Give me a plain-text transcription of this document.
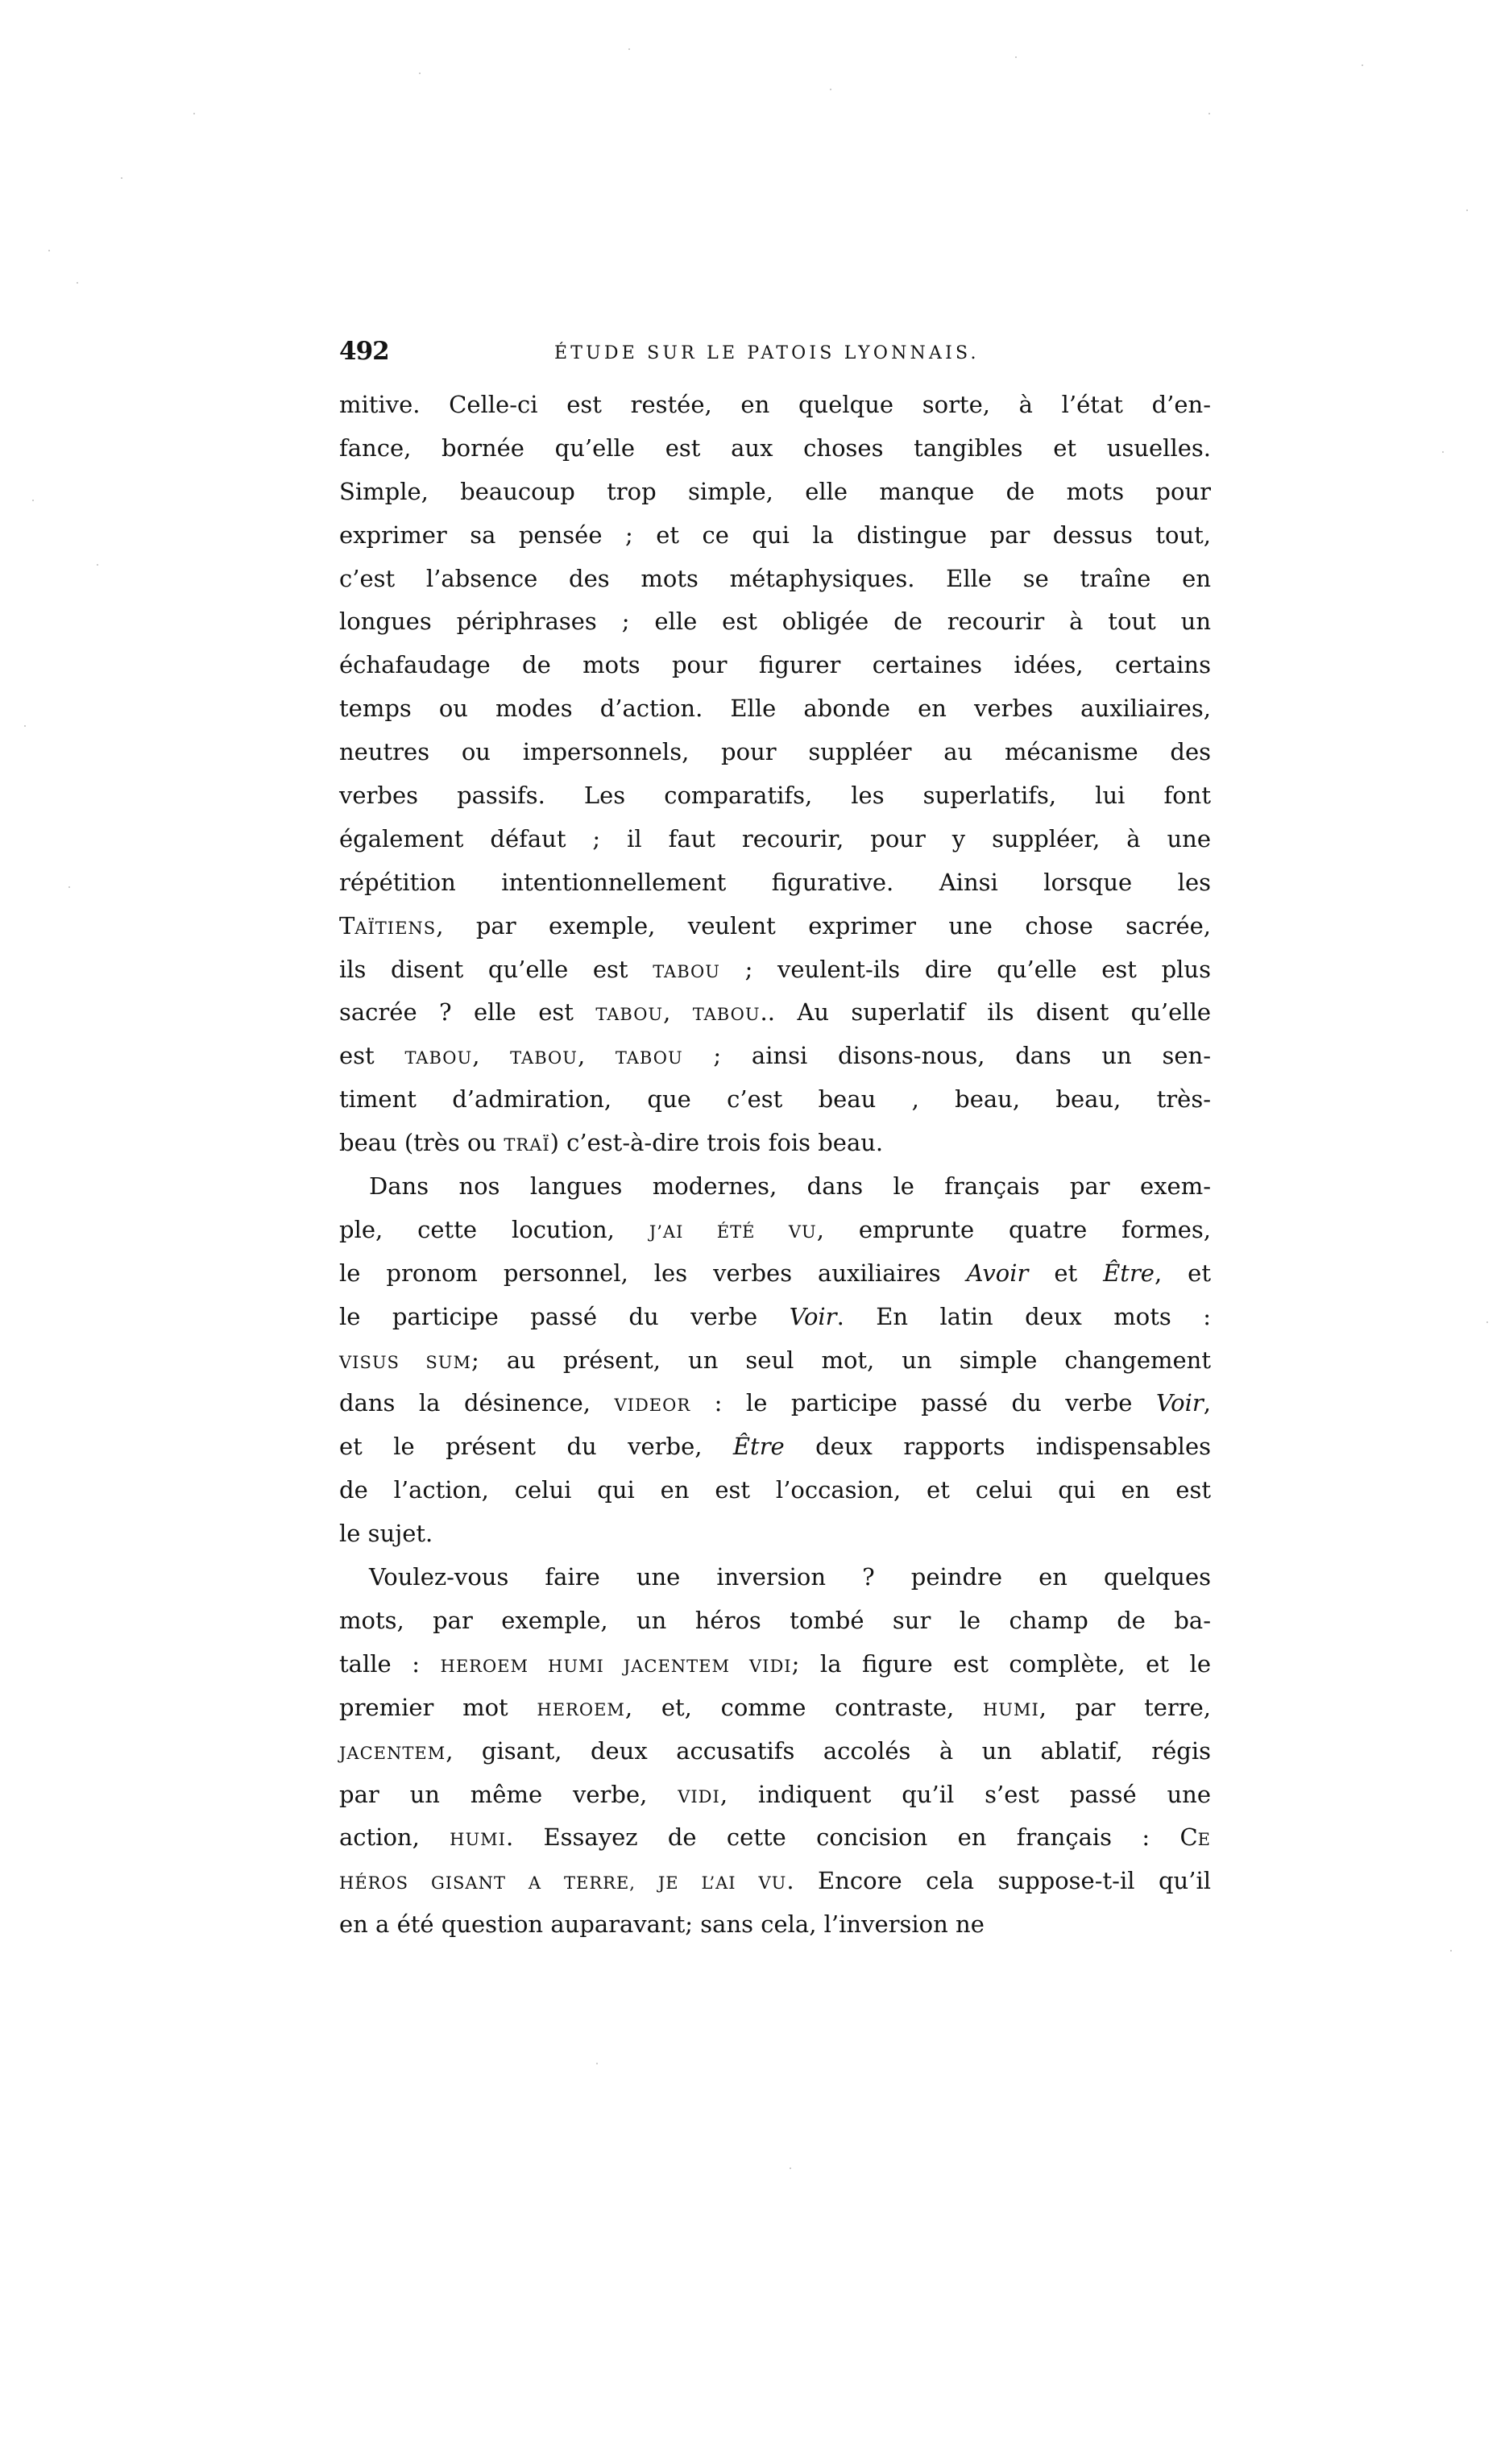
492	ÉTUDE SUR LE PATOIS LYONNAIS.
mitive. Celle-ci est restée, en quelque sorte, à l’état d’en-
fance, bornée qu’elle est aux choses tangibles et usuelles.
Simple, beaucoup trop simple, elle manque de mots pour
exprimer sa pensée ; et ce qui la distingue par dessus tout,
c’est l’absence des mots métaphysiques. Elle se traîne en
longues périphrases ; elle est obligée de recourir à tout un
échafaudage de mots pour figurer certaines idées, certains
temps ou modes d’action. Elle abonde en verbes auxiliaires,
neutres ou impersonnels, pour suppléer au mécanisme des
verbes passifs. Les comparatifs, les superlatifs, lui font
également défaut ; il faut recourir, pour y suppléer, à une
répétition intentionnellement figurative. Ainsi lorsque les
TAÏTIENS, par exemple, veulent exprimer une chose sacrée,
ils disent qu’elle est TABOU ; veulent-ils dire qu’elle est plus
sacrée ? elle est TABOU, TABOU.. Au superlatif ils disent qu’elle
est TABOU, TABOU, TABOU ; ainsi disons-nous, dans un sen-
timent d’admiration, que c’est beau , beau, beau, très-
beau (très ou TRAÏ) c’est-à-dire trois fois beau.
Dans nos langues modernes, dans le français par exem-
ple, cette locution, J’AI ÉTÉ VU, emprunte quatre formes,
le pronom personnel, les verbes auxiliaires Avoir et Être, et
le participe passé du verbe Voir. En latin deux mots :
VISUS SUM; au présent, un seul mot, un simple changement
dans la désinence, VIDEOR : le participe passé du verbe Voir,
et le présent du verbe, Être deux rapports indispensables
de l’action, celui qui en est l’occasion, et celui qui en est
le sujet.
Voulez-vous faire une inversion ? peindre en quelques
mots, par exemple, un héros tombé sur le champ de ba-
talle : HEROEM HUMI JACENTEM VIDI; la figure est complète, et le
premier mot HEROEM, et, comme contraste, HUMI, par terre,
JACENTEM, gisant, deux accusatifs accolés à un ablatif, régis
par un même verbe, VIDI, indiquent qu’il s’est passé une
action, HUMI. Essayez de cette concision en français : CE
HÉROS GISANT A TERRE, JE L’AI VU. Encore cela suppose-t-il qu’il
en a été question auparavant; sans cela, l’inversion ne
